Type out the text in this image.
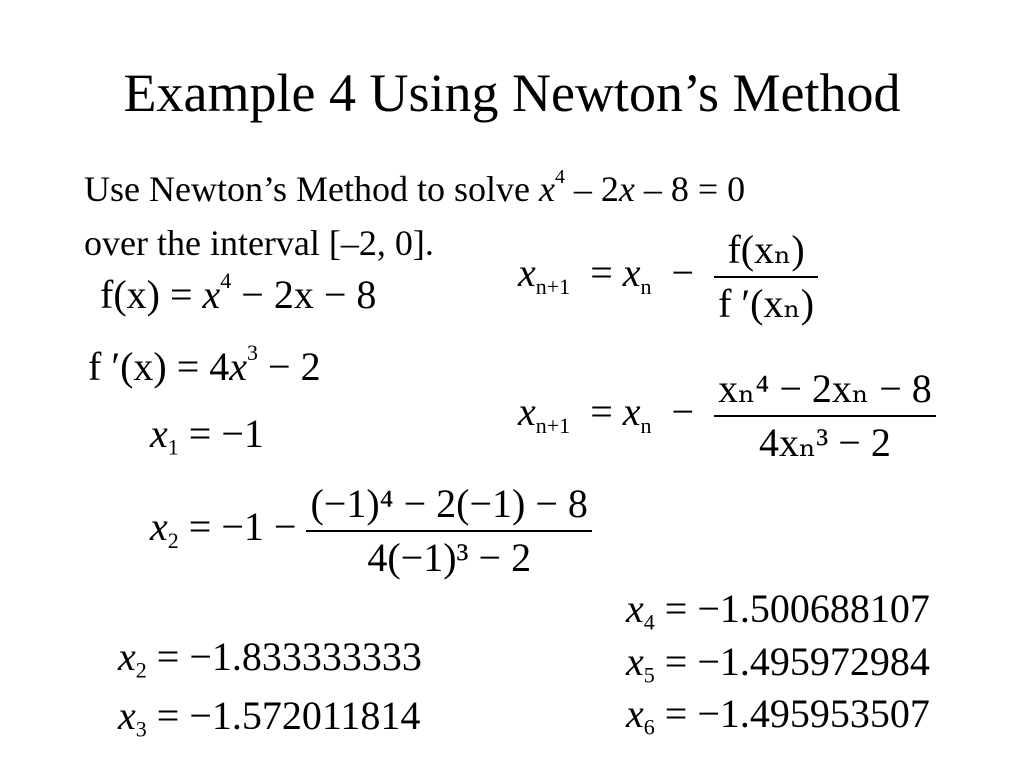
Example 4 Using Newton’s Method
Use Newton’s Method to solve $x^4 - 2x - 8 = 0$
over the interval [–2, 0].
$f(x) = x^4 - 2x - 8$
f $'(x) = 4x^3 - 2$
$x_1 = -1$
$x_{n+1} = x_n - \frac{\text{f(xₙ)}}{\text{f ′(xₙ)}}$
$x_{n+1} = x_n - \frac{\text{xₙ⁴ − 2xₙ − 8}}{\text{4xₙ³ − 2}}$
$x_2 = -1 - \frac{\text{(−1)⁴ − 2(−1) − 8}}{\text{4(−1)³ − 2}}$
$x_2 = -1.833333333$
$x_3 = -1.572011814$
$x_4 = -1.500688107$
$x_5 = -1.495972984$
$x_6 = -1.495953507$
